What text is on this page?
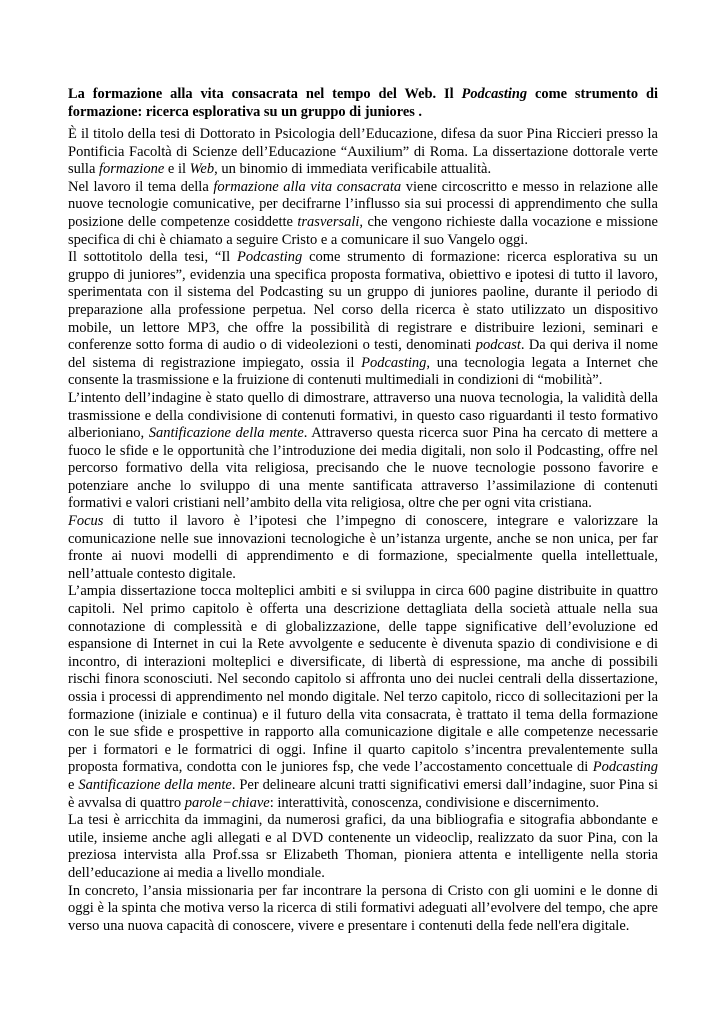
La formazione alla vita consacrata nel tempo del Web. Il Podcasting come strumento di formazione: ricerca esplorativa su un gruppo di juniores .

È il titolo della tesi di Dottorato in Psicologia dell’Educazione, difesa da suor Pina Riccieri presso la Pontificia Facoltà di Scienze dell’Educazione “Auxilium” di Roma. La dissertazione dottorale verte sulla formazione e il Web, un binomio di immediata verificabile attualità.

Nel lavoro il tema della formazione alla vita consacrata viene circoscritto e messo in relazione alle nuove tecnologie comunicative, per decifrarne l’influsso sia sui processi di apprendimento che sulla posizione delle competenze cosiddette trasversali, che vengono richieste dalla vocazione e missione specifica di chi è chiamato a seguire Cristo e a comunicare il suo Vangelo oggi.

Il sottotitolo della tesi, “Il Podcasting come strumento di formazione: ricerca esplorativa su un gruppo di juniores”, evidenzia una specifica proposta formativa, obiettivo e ipotesi di tutto il lavoro, sperimentata con il sistema del Podcasting su un gruppo di juniores paoline, durante il periodo di preparazione alla professione perpetua. Nel corso della ricerca è stato utilizzato un dispositivo mobile, un lettore MP3, che offre la possibilità di registrare e distribuire lezioni, seminari e conferenze sotto forma di audio o di videolezioni o testi, denominati podcast. Da qui deriva il nome del sistema di registrazione impiegato, ossia il Podcasting, una tecnologia legata a Internet che consente la trasmissione e la fruizione di contenuti multimediali in condizioni di “mobilità”.

L’intento dell’indagine è stato quello di dimostrare, attraverso una nuova tecnologia, la validità della trasmissione e della condivisione di contenuti formativi, in questo caso riguardanti il testo formativo alberioniano, Santificazione della mente. Attraverso questa ricerca suor Pina ha cercato di mettere a fuoco le sfide e le opportunità che l’introduzione dei media digitali, non solo il Podcasting, offre nel percorso formativo della vita religiosa, precisando che le nuove tecnologie possono favorire e potenziare anche lo sviluppo di una mente santificata attraverso l’assimilazione di contenuti formativi e valori cristiani nell’ambito della vita religiosa, oltre che per ogni vita cristiana.

Focus di tutto il lavoro è l’ipotesi che l’impegno di conoscere, integrare e valorizzare la comunicazione nelle sue innovazioni tecnologiche è un’istanza urgente, anche se non unica, per far fronte ai nuovi modelli di apprendimento e di formazione, specialmente quella intellettuale, nell’attuale contesto digitale.

L’ampia dissertazione tocca molteplici ambiti e si sviluppa in circa 600 pagine distribuite in quattro capitoli. Nel primo capitolo è offerta una descrizione dettagliata della società attuale nella sua connotazione di complessità e di globalizzazione, delle tappe significative dell’evoluzione ed espansione di Internet in cui la Rete avvolgente e seducente è divenuta spazio di condivisione e di incontro, di interazioni molteplici e diversificate, di libertà di espressione, ma anche di possibili rischi finora sconosciuti. Nel secondo capitolo si affronta uno dei nuclei centrali della dissertazione, ossia i processi di apprendimento nel mondo digitale. Nel terzo capitolo, ricco di sollecitazioni per la formazione (iniziale e continua) e il futuro della vita consacrata, è trattato il tema della formazione con le sue sfide e prospettive in rapporto alla comunicazione digitale e alle competenze necessarie per i formatori e le formatrici di oggi. Infine il quarto capitolo s’incentra prevalentemente sulla proposta formativa, condotta con le juniores fsp, che vede l’accostamento concettuale di Podcasting e Santificazione della mente. Per delineare alcuni tratti significativi emersi dall’indagine, suor Pina si è avvalsa di quattro parole−chiave: interattività, conoscenza, condivisione e discernimento.

La tesi è arricchita da immagini, da numerosi grafici, da una bibliografia e sitografia abbondante e utile, insieme anche agli allegati e al DVD contenente un videoclip, realizzato da suor Pina, con la preziosa intervista alla Prof.ssa sr Elizabeth Thoman, pioniera attenta e intelligente nella storia dell’educazione ai media a livello mondiale.

In concreto, l’ansia missionaria per far incontrare la persona di Cristo con gli uomini e le donne di oggi è la spinta che motiva verso la ricerca di stili formativi adeguati all’evolvere del tempo, che apre verso una nuova capacità di conoscere, vivere e presentare i contenuti della fede nell'era digitale.
